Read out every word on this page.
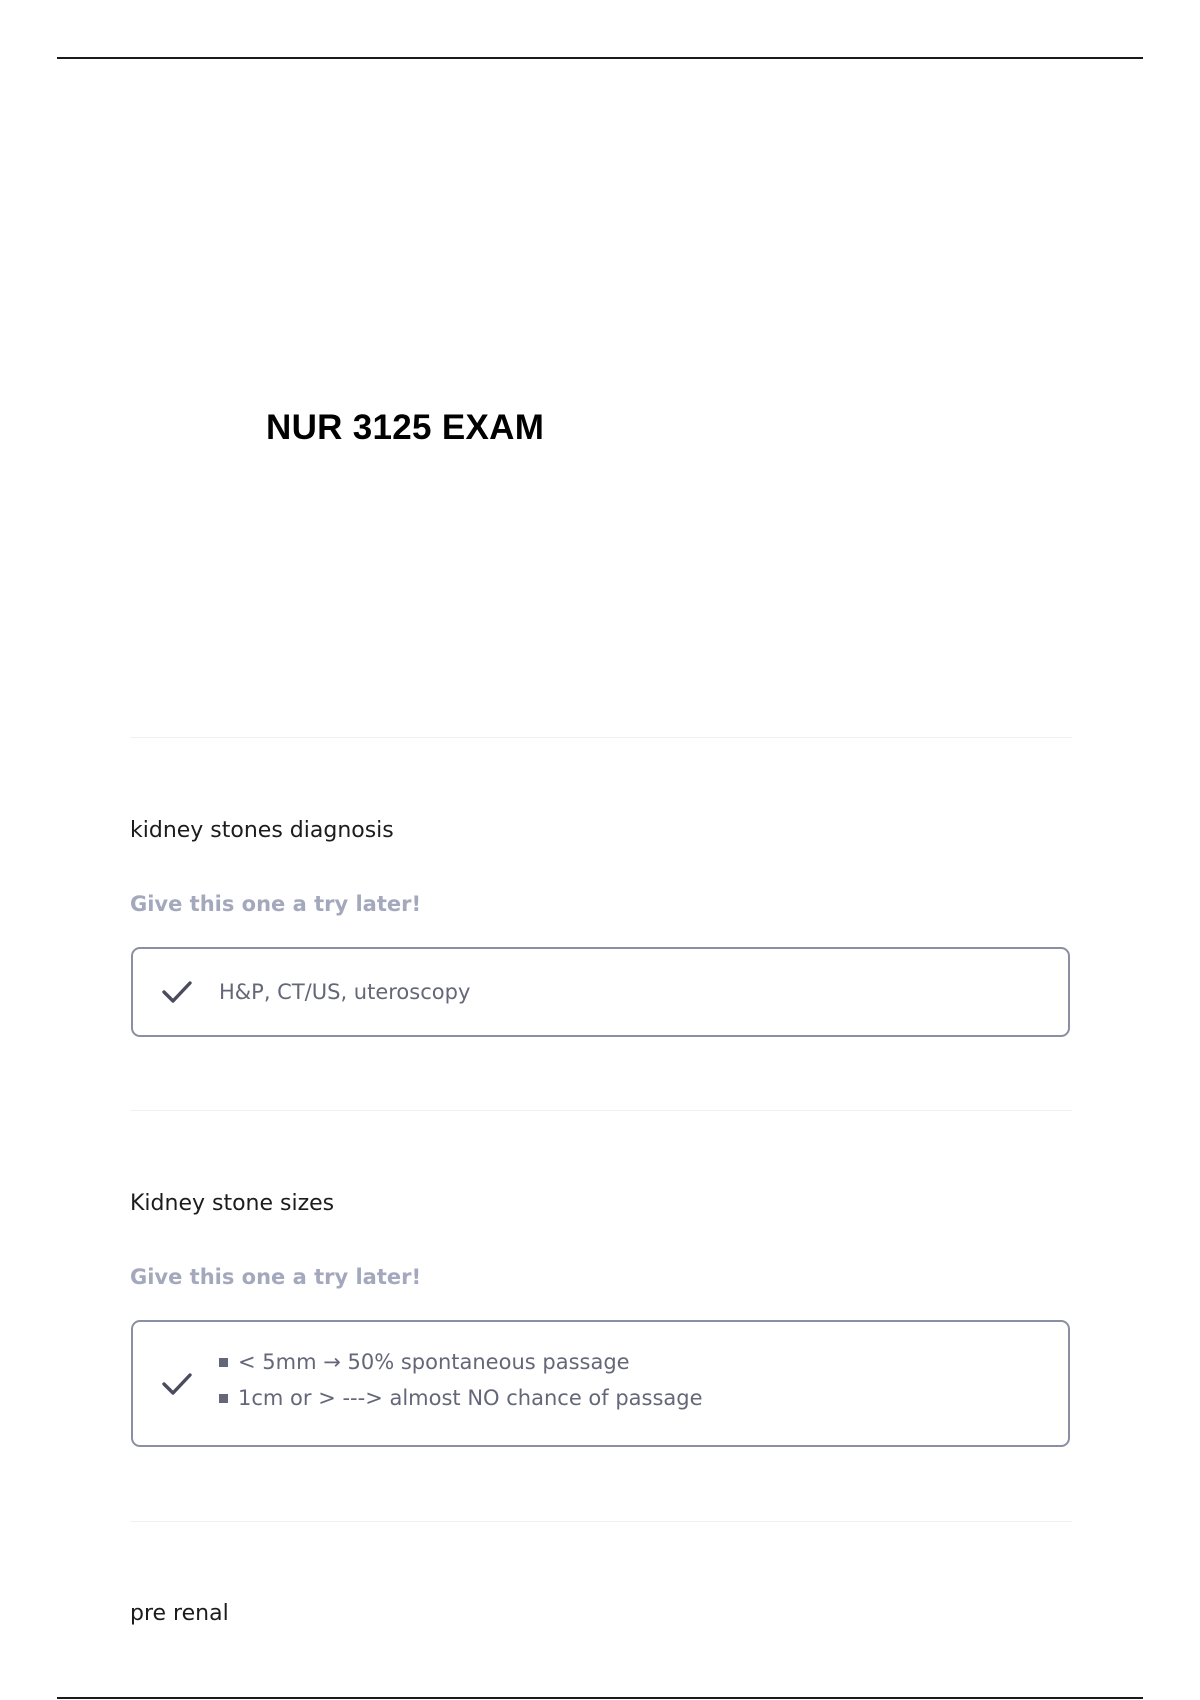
NUR 3125 EXAM

kidney stones diagnosis

Give this one a try later!

H&P, CT/US, uteroscopy

Kidney stone sizes

Give this one a try later!

< 5mm → 50% spontaneous passage
1cm or > ---> almost NO chance of passage

pre renal
